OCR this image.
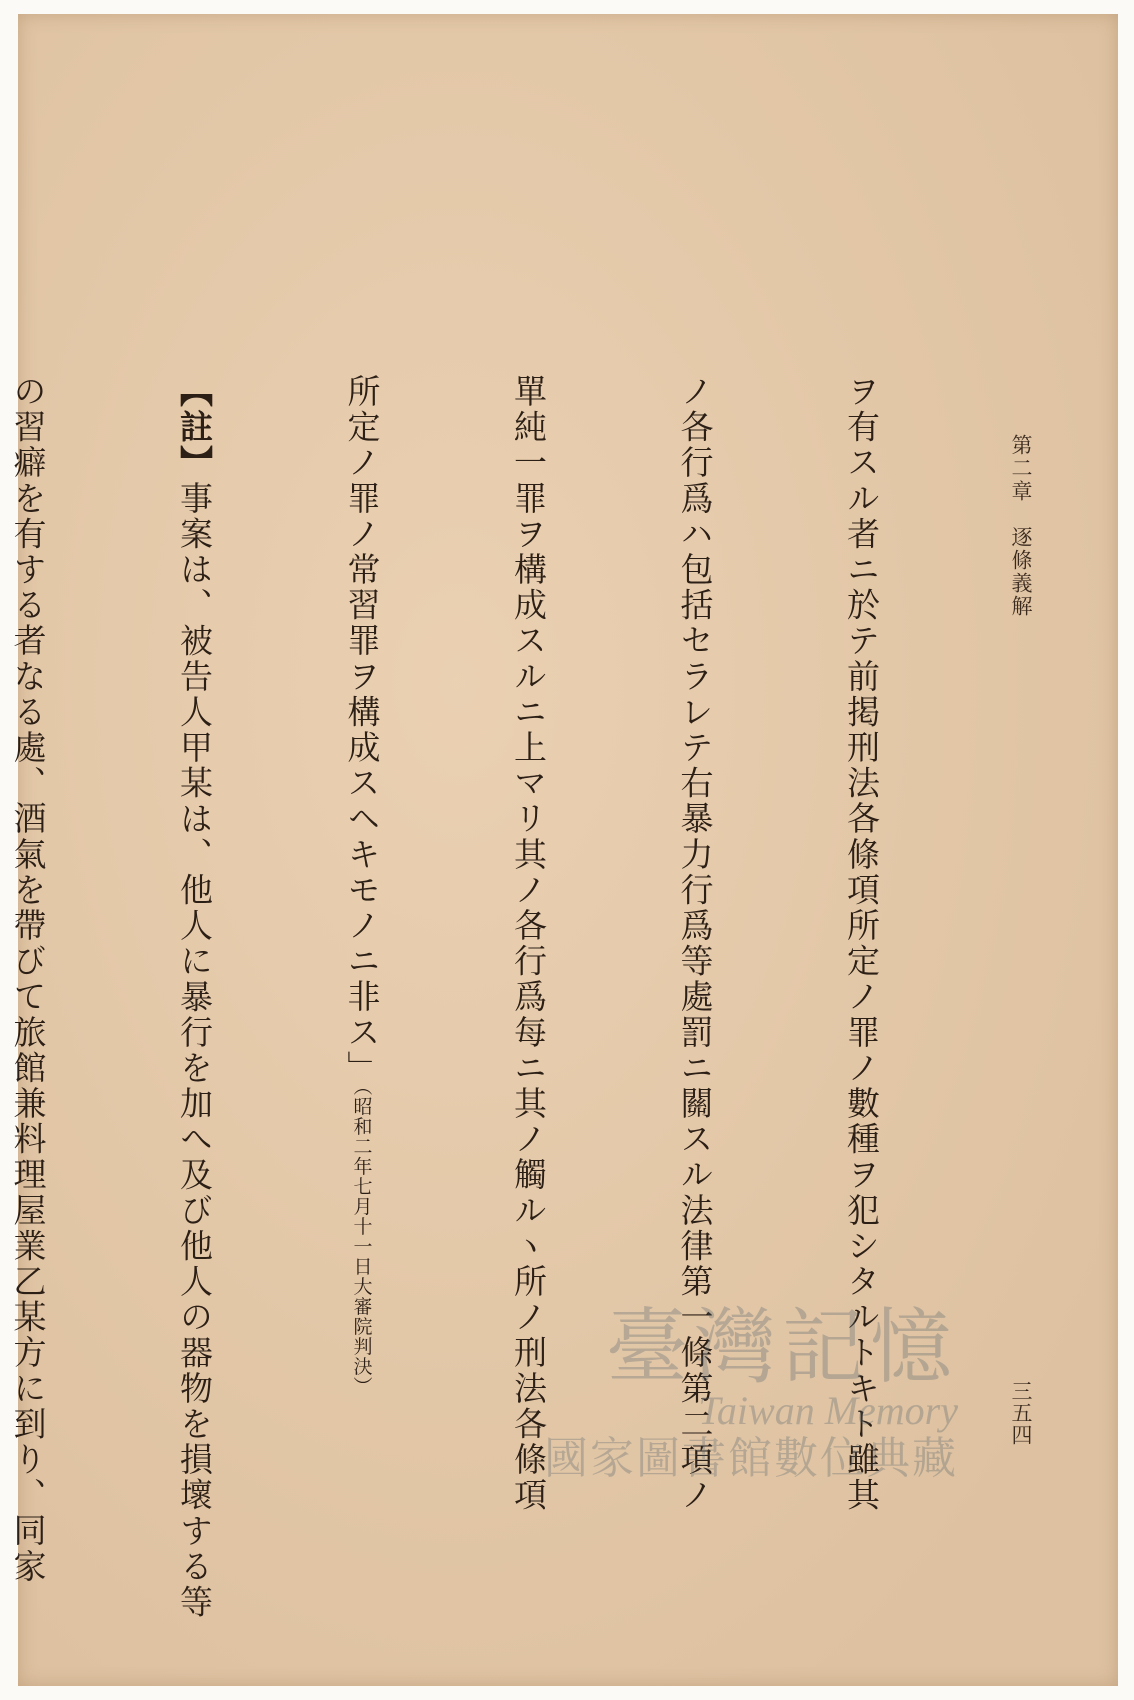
第二章　逐條義解
三五四

ヲ有スル者ニ於テ前掲刑法各條項所定ノ罪ノ數種ヲ犯シタルトキト雖其

ノ各行爲ハ包括セラレテ右暴力行爲等處罰ニ關スル法律第一條第二項ノ

單純一罪ヲ構成スルニ上マリ其ノ各行爲每ニ其ノ觸ルヽ所ノ刑法各條項

所定ノ罪ノ常習罪ヲ構成スヘキモノニ非ス」（昭和二年七月十一日大審院判決）

【註】事案は、被告人甲某は、他人に暴行を加へ及び他人の器物を損壞する等

の習癖を有する者なる處、酒氣を帶びて旅館兼料理屋業乙某方に到り、同家

	臺灣記憶
Taiwan Memory
國家圖書館數位典藏
